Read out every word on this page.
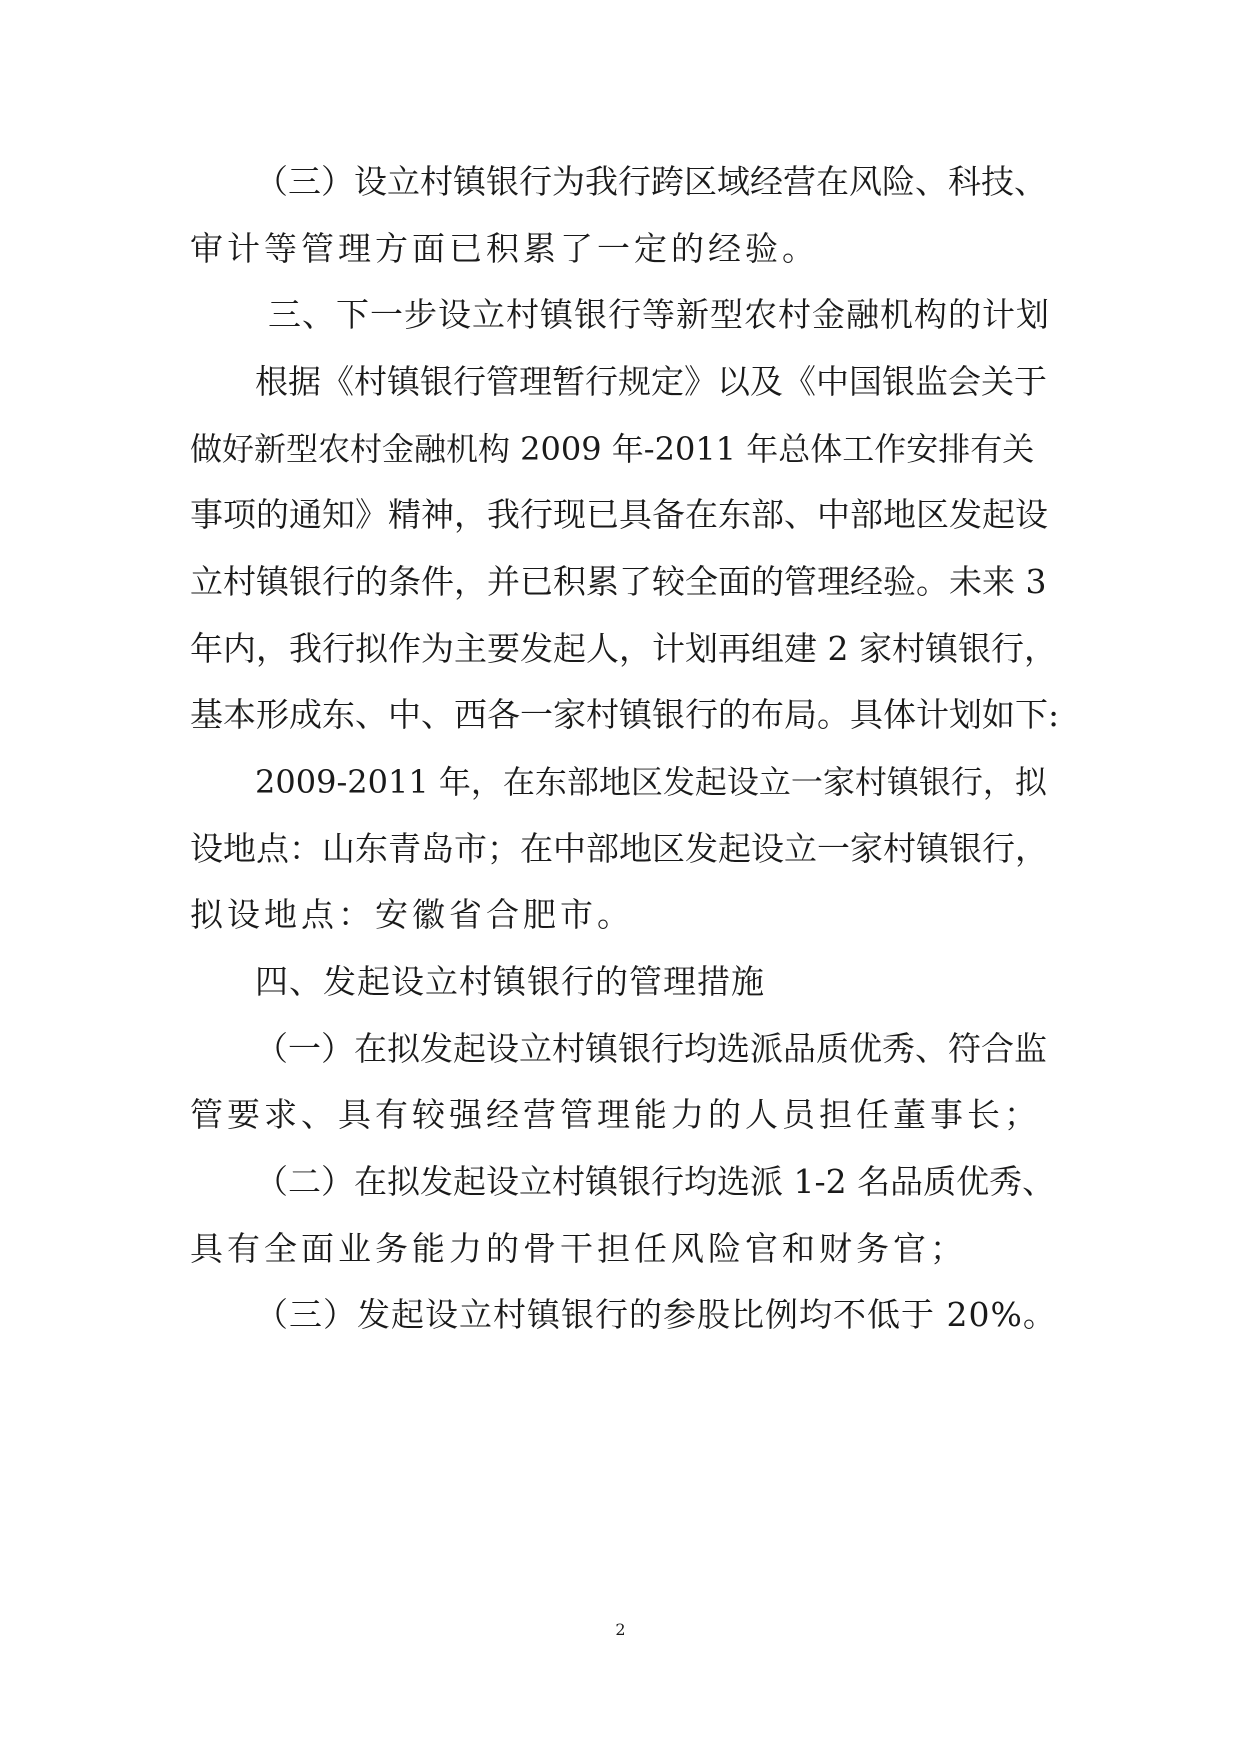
（三）设立村镇银行为我行跨区域经营在风险、科技、
审计等管理方面已积累了一定的经验。
三、下一步设立村镇银行等新型农村金融机构的计划
根据《村镇银行管理暂行规定》以及《中国银监会关于
做好新型农村金融机构 2009 年-2011 年总体工作安排有关
事项的通知》精神，我行现已具备在东部、中部地区发起设
立村镇银行的条件，并已积累了较全面的管理经验。未来 3
年内，我行拟作为主要发起人，计划再组建 2 家村镇银行，
基本形成东、中、西各一家村镇银行的布局。具体计划如下:
2009-2011 年，在东部地区发起设立一家村镇银行，拟
设地点：山东青岛市；在中部地区发起设立一家村镇银行，
拟设地点：安徽省合肥市。
四、发起设立村镇银行的管理措施
（一）在拟发起设立村镇银行均选派品质优秀、符合监
管要求、具有较强经营管理能力的人员担任董事长；
（二）在拟发起设立村镇银行均选派 1-2 名品质优秀、
具有全面业务能力的骨干担任风险官和财务官；
（三）发起设立村镇银行的参股比例均不低于 20%。
2
